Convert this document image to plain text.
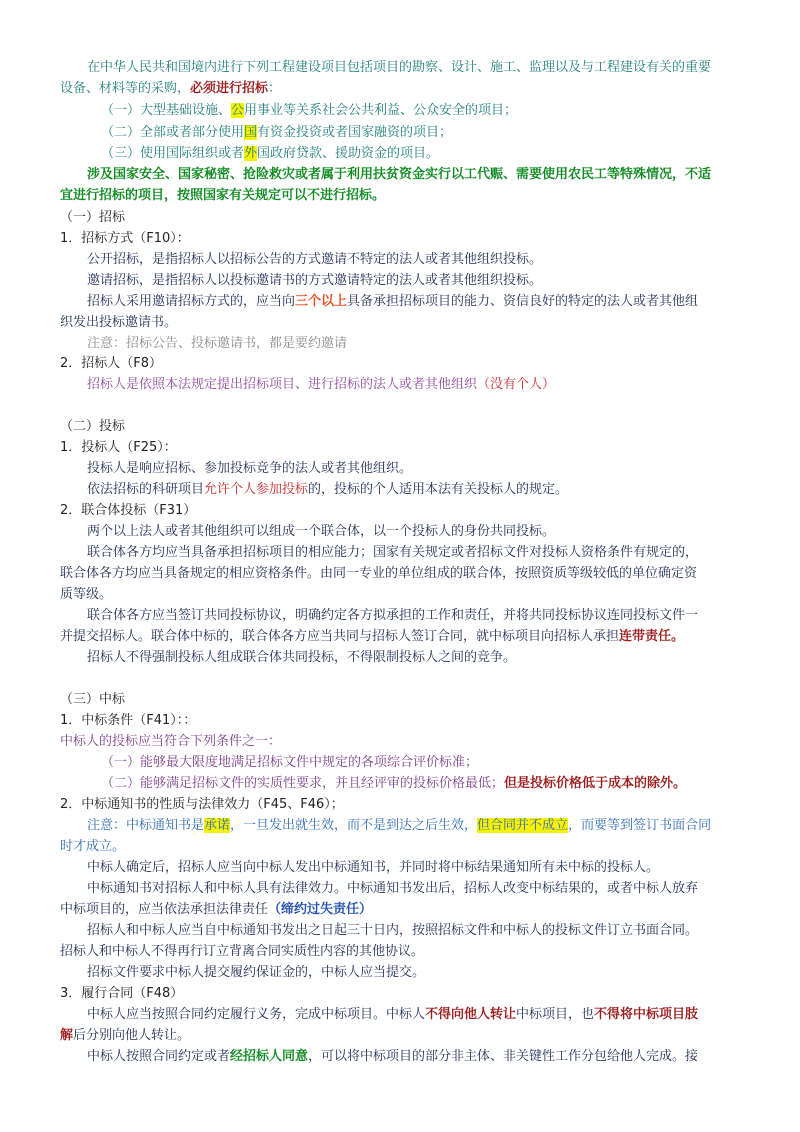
在中华人民共和国境内进行下列工程建设项目包括项目的勘察、设计、施工、监理以及与工程建设有关的重要
设备、材料等的采购，必须进行招标：
（一）大型基础设施、公用事业等关系社会公共利益、公众安全的项目；
（二）全部或者部分使用国有资金投资或者国家融资的项目；
（三）使用国际组织或者外国政府贷款、援助资金的项目。
涉及国家安全、国家秘密、抢险救灾或者属于利用扶贫资金实行以工代赈、需要使用农民工等特殊情况，不适
宜进行招标的项目，按照国家有关规定可以不进行招标。
（一）招标
1．招标方式（F10）：
公开招标，是指招标人以招标公告的方式邀请不特定的法人或者其他组织投标。
邀请招标，是指招标人以投标邀请书的方式邀请特定的法人或者其他组织投标。
招标人采用邀请招标方式的，应当向三个以上具备承担招标项目的能力、资信良好的特定的法人或者其他组
织发出投标邀请书。
注意：招标公告、投标邀请书，都是要约邀请
2．招标人（F8）
招标人是依照本法规定提出招标项目、进行招标的法人或者其他组织（没有个人）
（二）投标
1．投标人（F25）：
投标人是响应招标、参加投标竞争的法人或者其他组织。
依法招标的科研项目允许个人参加投标的，投标的个人适用本法有关投标人的规定。
2．联合体投标（F31）
两个以上法人或者其他组织可以组成一个联合体，以一个投标人的身份共同投标。
联合体各方均应当具备承担招标项目的相应能力；国家有关规定或者招标文件对投标人资格条件有规定的，
联合体各方均应当具备规定的相应资格条件。由同一专业的单位组成的联合体，按照资质等级较低的单位确定资
质等级。
联合体各方应当签订共同投标协议，明确约定各方拟承担的工作和责任，并将共同投标协议连同投标文件一
并提交招标人。联合体中标的，联合体各方应当共同与招标人签订合同，就中标项目向招标人承担连带责任。
招标人不得强制投标人组成联合体共同投标，不得限制投标人之间的竞争。
（三）中标
1．中标条件（F41）：：
中标人的投标应当符合下列条件之一：
（一）能够最大限度地满足招标文件中规定的各项综合评价标准；
（二）能够满足招标文件的实质性要求，并且经评审的投标价格最低；但是投标价格低于成本的除外。
2．中标通知书的性质与法律效力（F45、F46）；
注意：中标通知书是承诺，一旦发出就生效，而不是到达之后生效，但合同并不成立，而要等到签订书面合同
时才成立。
中标人确定后，招标人应当向中标人发出中标通知书，并同时将中标结果通知所有未中标的投标人。
中标通知书对招标人和中标人具有法律效力。中标通知书发出后，招标人改变中标结果的，或者中标人放弃
中标项目的，应当依法承担法律责任（缔约过失责任）
招标人和中标人应当自中标通知书发出之日起三十日内，按照招标文件和中标人的投标文件订立书面合同。
招标人和中标人不得再行订立背离合同实质性内容的其他协议。
招标文件要求中标人提交履约保证金的，中标人应当提交。
3．履行合同（F48）
中标人应当按照合同约定履行义务，完成中标项目。中标人不得向他人转让中标项目，也不得将中标项目肢
解后分别向他人转让。
中标人按照合同约定或者经招标人同意，可以将中标项目的部分非主体、非关键性工作分包给他人完成。接
